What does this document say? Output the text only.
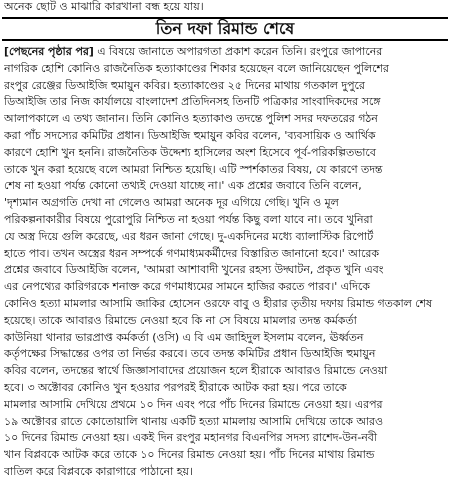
অনেক ছোট ও মাঝারি কারখানা বন্ধ হয়ে যায়।
তিন দফা রিমান্ড শেষে
[পেছনের পৃষ্ঠার পর] এ বিষয়ে জানাতে অপারগতা প্রকাশ করেন তিনি। রংপুরে জাপানের
নাগরিক হোশি কোনিও রাজনৈতিক হত্যাকাণ্ডের শিকার হয়েছেন বলে জানিয়েছেন পুলিশের
রংপুর রেঞ্জের ডিআইজি হুমায়ুন কবির। হত্যাকাণ্ডের ২৫ দিনের মাথায় গতকাল দুপুরে
ডিআইজি তার নিজ কার্যালয়ে বাংলাদেশ প্রতিদিনসহ তিনটি পত্রিকার সাংবাদিকদের সঙ্গে
আলাপকালে এ তথ্য জানান। তিনি কোনিও হত্যাকাণ্ড তদন্তে পুলিশ সদর দফতরের গঠন
করা পাঁচ সদস্যের কমিটির প্রধান। ডিআইজি হুমায়ুন কবির বলেন, 'ব্যবসায়িক ও আর্থিক
কারণে হোশি খুন হননি। রাজনৈতিক উদ্দেশ্য হাসিলের অংশ হিসেবে পূর্ব-পরিকল্পিতভাবে
তাকে খুন করা হয়েছে বলে আমরা নিশ্চিত হয়েছি। এটি স্পর্শকাতর বিষয়, যে কারণে তদন্ত
শেষ না হওয়া পর্যন্ত কোনো তথ্যই দেওয়া যাচ্ছে না।' এক প্রশ্নের জবাবে তিনি বলেন,
'দৃশ্যমান অগ্রগতি দেখা না গেলেও আমরা অনেক দূর এগিয়ে গেছি। খুনি ও মূল
পরিকল্পনাকারীর বিষয়ে পুরোপুরি নিশ্চিত না হওয়া পর্যন্ত কিছু বলা যাবে না। তবে খুনিরা
যে অস্ত্র দিয়ে গুলি করেছে, এর ধরন জানা গেছে। দু-একদিনের মধ্যে ব্যালাস্টিক রিপোর্ট
হাতে পাব। তখন অস্ত্রের ধরন সম্পর্কে গণমাধ্যমকর্মীদের বিস্তারিত জানানো হবে।' আরেক
প্রশ্নের জবাবে ডিআইজি বলেন, 'আমরা আশাবাদী খুনের রহস্য উদ্ঘাটন, প্রকৃত খুনি এবং
এর নেপথ্যের কারিগরকে শনাক্ত করে গণমাধ্যমের সামনে হাজির করতে পারব।' এদিকে
কোনিও হত্যা মামলার আসামি জাকির হোসেন ওরফে বাবু ও হীরার তৃতীয় দফায় রিমান্ড গতকাল শেষ
হয়েছে। তাকে আবারও রিমান্ডে নেওয়া হবে কি না সে বিষয়ে মামলার তদন্ত কর্মকর্তা
কাউনিয়া থানার ভারপ্রাপ্ত কর্মকর্তা (ওসি) এ বি এম জাহিদুল ইসলাম বলেন, ঊর্ধ্বতন
কর্তৃপক্ষের সিদ্ধান্তের ওপর তা নির্ভর করবে। তবে তদন্ত কমিটির প্রধান ডিআইজি হুমায়ুন
কবির বলেন, তদন্তের স্বার্থে জিজ্ঞাসাবাদের প্রয়োজন হলে হীরাকে আবারও রিমান্ডে নেওয়া
হবে। ৩ অক্টোবর কোনিও খুন হওয়ার পরপরই হীরাকে আটক করা হয়। পরে তাকে
মামলার আসামি দেখিয়ে প্রথমে ১০ দিন এবং পরে পাঁচ দিনের রিমান্ডে নেওয়া হয়। এরপর
১৯ অক্টোবর রাতে কোতোয়ালি থানায় একটি হত্যা মামলায় আসামি দেখিয়ে তাকে আরও
১০ দিনের রিমান্ড নেওয়া হয়। একই দিন রংপুর মহানগর বিএনপির সদস্য রাশেদ-উন-নবী
খান বিপ্লবকে আটক করে তাকে ১০ দিনের রিমান্ড নেওয়া হয়। পাঁচ দিনের মাথায় রিমান্ড
বাতিল করে বিপ্লবকে কারাগারে পাঠানো হয়।
